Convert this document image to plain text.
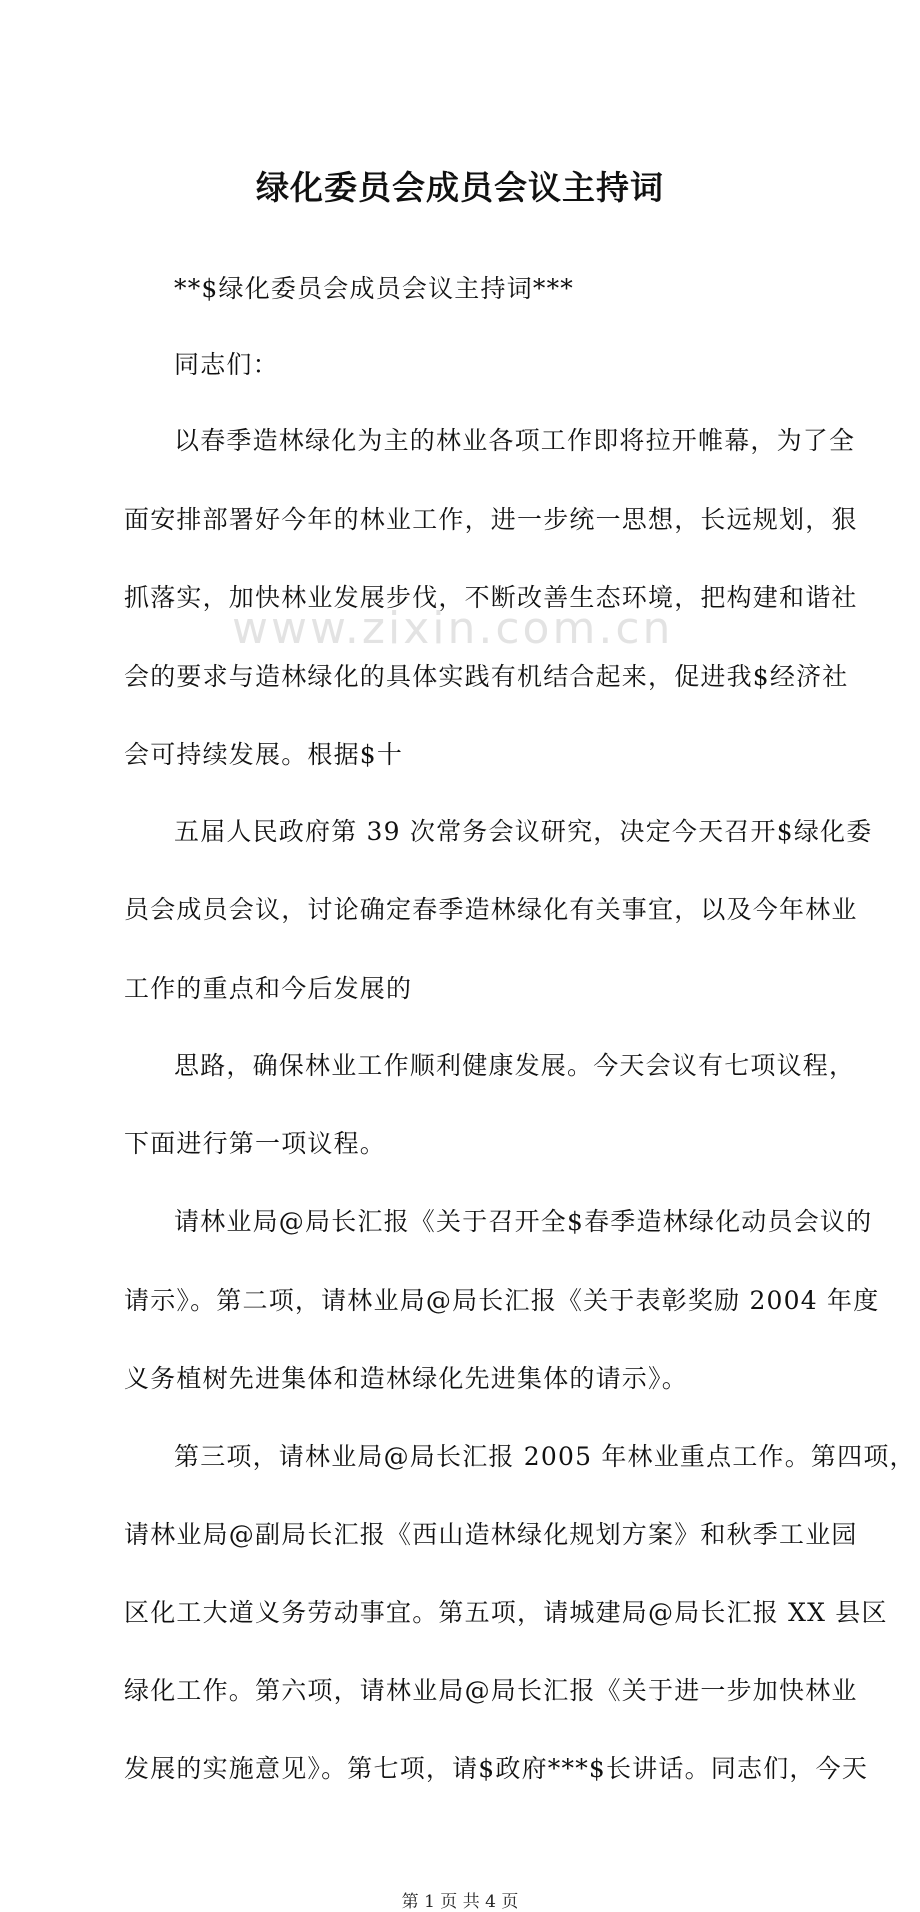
www.zixin.com.cn
绿化委员会成员会议主持词
**$绿化委员会成员会议主持词***
同志们：
以春季造林绿化为主的林业各项工作即将拉开帷幕，为了全
面安排部署好今年的林业工作，进一步统一思想，长远规划，狠
抓落实，加快林业发展步伐，不断改善生态环境，把构建和谐社
会的要求与造林绿化的具体实践有机结合起来，促进我$经济社
会可持续发展。根据$十
五届人民政府第 39 次常务会议研究，决定今天召开$绿化委
员会成员会议，讨论确定春季造林绿化有关事宜，以及今年林业
工作的重点和今后发展的
思路，确保林业工作顺利健康发展。今天会议有七项议程，
下面进行第一项议程。
请林业局@局长汇报《关于召开全$春季造林绿化动员会议的
请示》。第二项，请林业局@局长汇报《关于表彰奖励 2004 年度
义务植树先进集体和造林绿化先进集体的请示》。
第三项，请林业局@局长汇报 2005 年林业重点工作。第四项，
请林业局@副局长汇报《西山造林绿化规划方案》和秋季工业园
区化工大道义务劳动事宜。第五项，请城建局@局长汇报 XX 县区
绿化工作。第六项，请林业局@局长汇报《关于进一步加快林业
发展的实施意见》。第七项，请$政府***$长讲话。同志们，今天
第 1 页 共 4 页
